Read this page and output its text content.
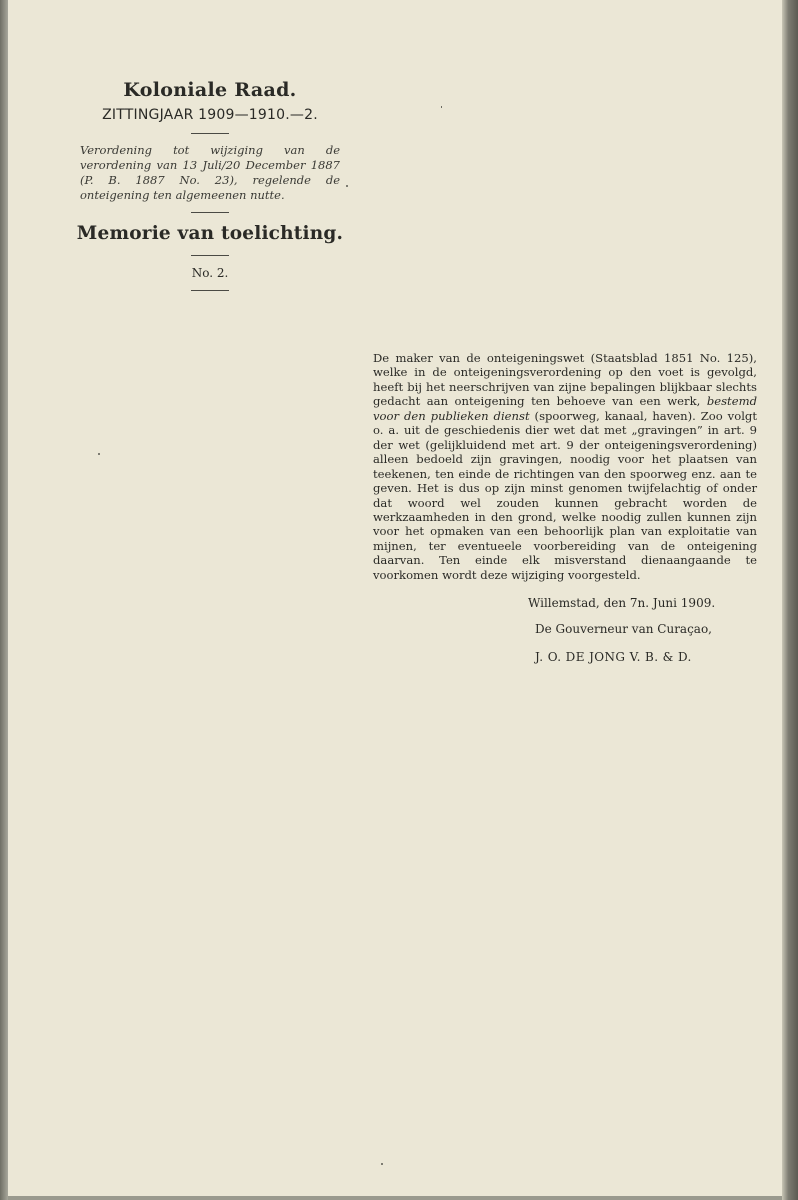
Koloniale Raad.

ZITTINGJAAR 1909—1910.—2.

Verordening tot wijziging van de verordening van 13 Juli/20 December 1887 (P. B. 1887 No. 23), regelende de onteigening ten algemeenen nutte.

Memorie van toelichting.

No. 2.

De maker van de onteigeningswet (Staatsblad 1851 No. 125), welke in de onteigeningsverordening op den voet is gevolgd, heeft bij het neerschrijven van zijne bepalingen blijkbaar slechts gedacht aan onteigening ten behoeve van een werk, bestemd voor den publieken dienst (spoorweg, kanaal, haven). Zoo volgt o. a. uit de geschiedenis dier wet dat met „gravingen” in art. 9 der wet (gelijkluidend met art. 9 der onteigeningsverordening) alleen bedoeld zijn gravingen, noodig voor het plaatsen van teekenen, ten einde de richtingen van den spoorweg enz. aan te geven. Het is dus op zijn minst genomen twijfelachtig of onder dat woord wel zouden kunnen gebracht worden de werkzaamheden in den grond, welke noodig zullen kunnen zijn voor het opmaken van een behoorlijk plan van exploitatie van mijnen, ter eventueele voorbereiding van de onteigening daarvan. Ten einde elk misverstand dienaangaande te voorkomen wordt deze wijziging voorgesteld.

Willemstad, den 7n. Juni 1909.

De Gouverneur van Curaçao,

J. O. DE JONG V. B. & D.
